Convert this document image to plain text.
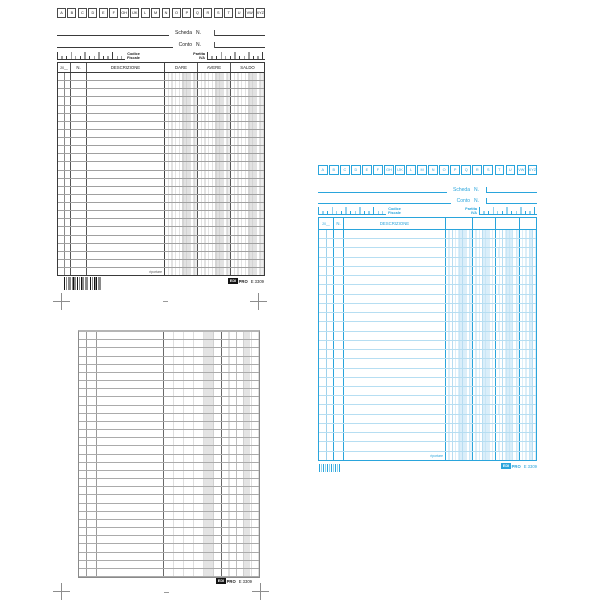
A	B	C	D	E	F	GH	IJK	L	M	N	O	P	Q	R	S	T	U	VW	XYZ
Scheda N.
Conto N.
Codice
Fiscale
Partita
IVA
20__	N.	DESCRIZIONE	DARE	AVERE	SALDO
riportare
EDI PRO E 3309
EDI PRO E 3309
A	B	C	D	E	F	GH	IJK	L	M	N	O	P	Q	R	S	T	U	VW	XYZ
Scheda N.
Conto N.
Codice
Fiscale
Partita
IVA
20__	N.	DESCRIZIONE
riportare
EDI PRO E 3309
